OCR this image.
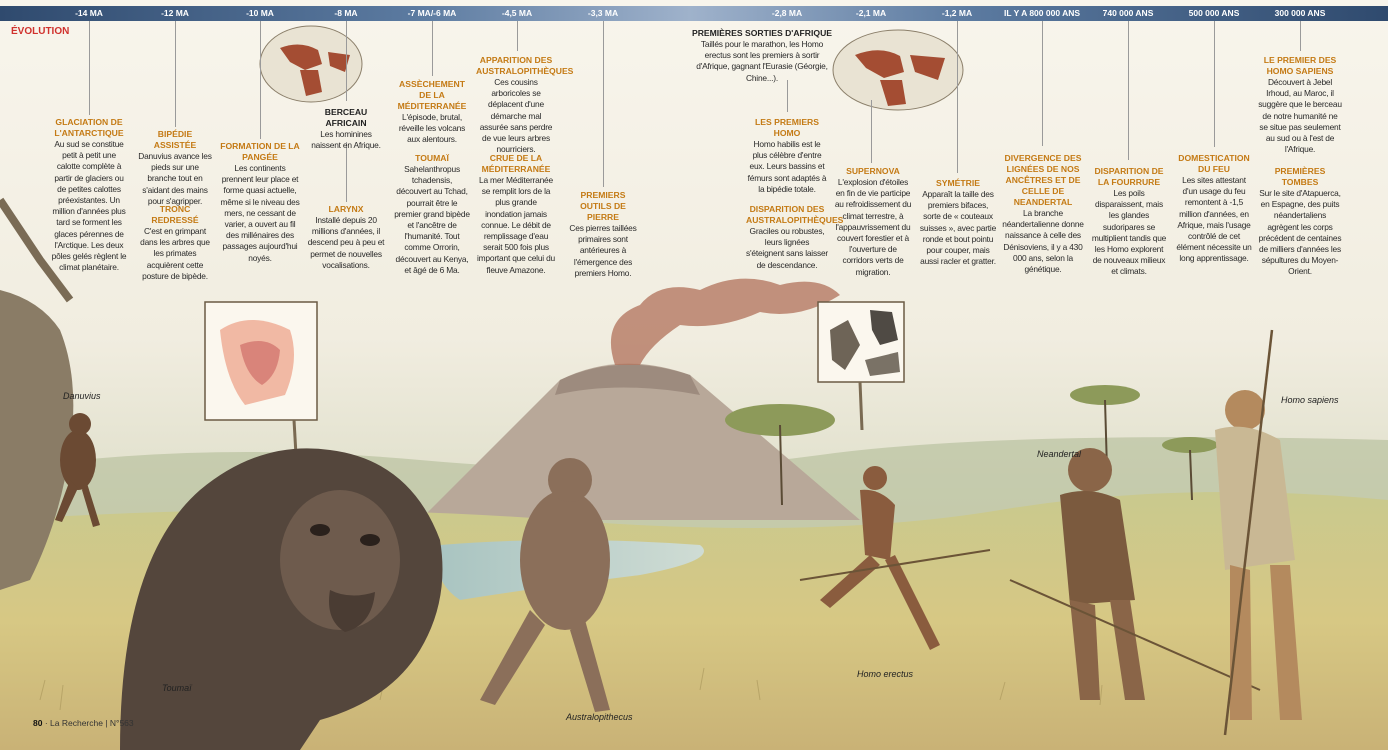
-14 MA	-12 MA	-10 MA	-8 MA	-7 MA/-6 MA	-4,5 MA	-3,3 MA	-2,8 MA	-2,1 MA	-1,2 MA	IL Y A 800 000 ANS	740 000 ANS	500 000 ANS	300 000 ANS
ÉVOLUTION
GLACIATION DE L'ANTARCTIQUE
Au sud se constitue petit à petit une calotte complète à partir de glaciers ou de petites calottes préexistantes. Un million d'années plus tard se forment les glaces pérennes de l'Arctique. Les deux pôles gelés règlent le climat planétaire.
BIPÉDIE ASSISTÉE
Danuvius avance les pieds sur une branche tout en s'aidant des mains pour s'agripper.
TRONC REDRESSÉ
C'est en grimpant dans les arbres que les primates acquièrent cette posture de bipède.
FORMATION DE LA PANGÉE
Les continents prennent leur place et forme quasi actuelle, même si le niveau des mers, ne cessant de varier, a ouvert au fil des millénaires des passages aujourd'hui noyés.
BERCEAU AFRICAIN
Les hominines naissent en Afrique.
LARYNX
Installé depuis 20 millions d'années, il descend peu à peu et permet de nouvelles vocalisations.
ASSÈCHEMENT DE LA MÉDITERRANÉE
L'épisode, brutal, réveille les volcans aux alentours.
TOUMAÏ
Sahelanthropus tchadensis, découvert au Tchad, pourrait être le premier grand bipède et l'ancêtre de l'humanité. Tout comme Orrorin, découvert au Kenya, et âgé de 6 Ma.
APPARITION DES AUSTRALOPITHÈQUES
Ces cousins arboricoles se déplacent d'une démarche mal assurée sans perdre de vue leurs arbres nourriciers.
CRUE DE LA MÉDITERRANÉE
La mer Méditerranée se remplit lors de la plus grande inondation jamais connue. Le débit de remplissage d'eau serait 500 fois plus important que celui du fleuve Amazone.
PREMIERS OUTILS DE PIERRE
Ces pierres taillées primaires sont antérieures à l'émergence des premiers Homo.
PREMIÈRES SORTIES D'AFRIQUE
Taillés pour le marathon, les Homo erectus sont les premiers à sortir d'Afrique, gagnant l'Eurasie (Géorgie, Chine...).
LES PREMIERS HOMO
Homo habilis est le plus célèbre d'entre eux. Leurs bassins et fémurs sont adaptés à la bipédie totale.
DISPARITION DES AUSTRALOPITHÈQUES
Graciles ou robustes, leurs lignées s'éteignent sans laisser de descendance.
SUPERNOVA
L'explosion d'étoiles en fin de vie participe au refroidissement du climat terrestre, à l'appauvrissement du couvert forestier et à l'ouverture de corridors verts de migration.
SYMÉTRIE
Apparaît la taille des premiers bifaces, sorte de « couteaux suisses », avec partie ronde et bout pointu pour couper, mais aussi racler et gratter.
DIVERGENCE DES LIGNÉES DE NOS ANCÊTRES ET DE CELLE DE NEANDERTAL
La branche néandertalienne donne naissance à celle des Dénisoviens, il y a 430 000 ans, selon la génétique.
DISPARITION DE LA FOURRURE
Les poils disparaissent, mais les glandes sudoripares se multiplient tandis que les Homo explorent de nouveaux milieux et climats.
DOMESTICATION DU FEU
Les sites attestant d'un usage du feu remontent à -1,5 million d'années, en Afrique, mais l'usage contrôlé de cet élément nécessite un long apprentissage.
LE PREMIER DES HOMO SAPIENS
Découvert à Jebel Irhoud, au Maroc, il suggère que le berceau de notre humanité ne se situe pas seulement au sud ou à l'est de l'Afrique.
PREMIÈRES TOMBES
Sur le site d'Atapuerca, en Espagne, des puits néandertaliens agrègent les corps précédent de centaines de milliers d'années les sépultures du Moyen-Orient.
Danuvius
Toumaï
Australopithecus
Homo erectus
Neandertal
Homo sapiens
80 · La Recherche | N°563
